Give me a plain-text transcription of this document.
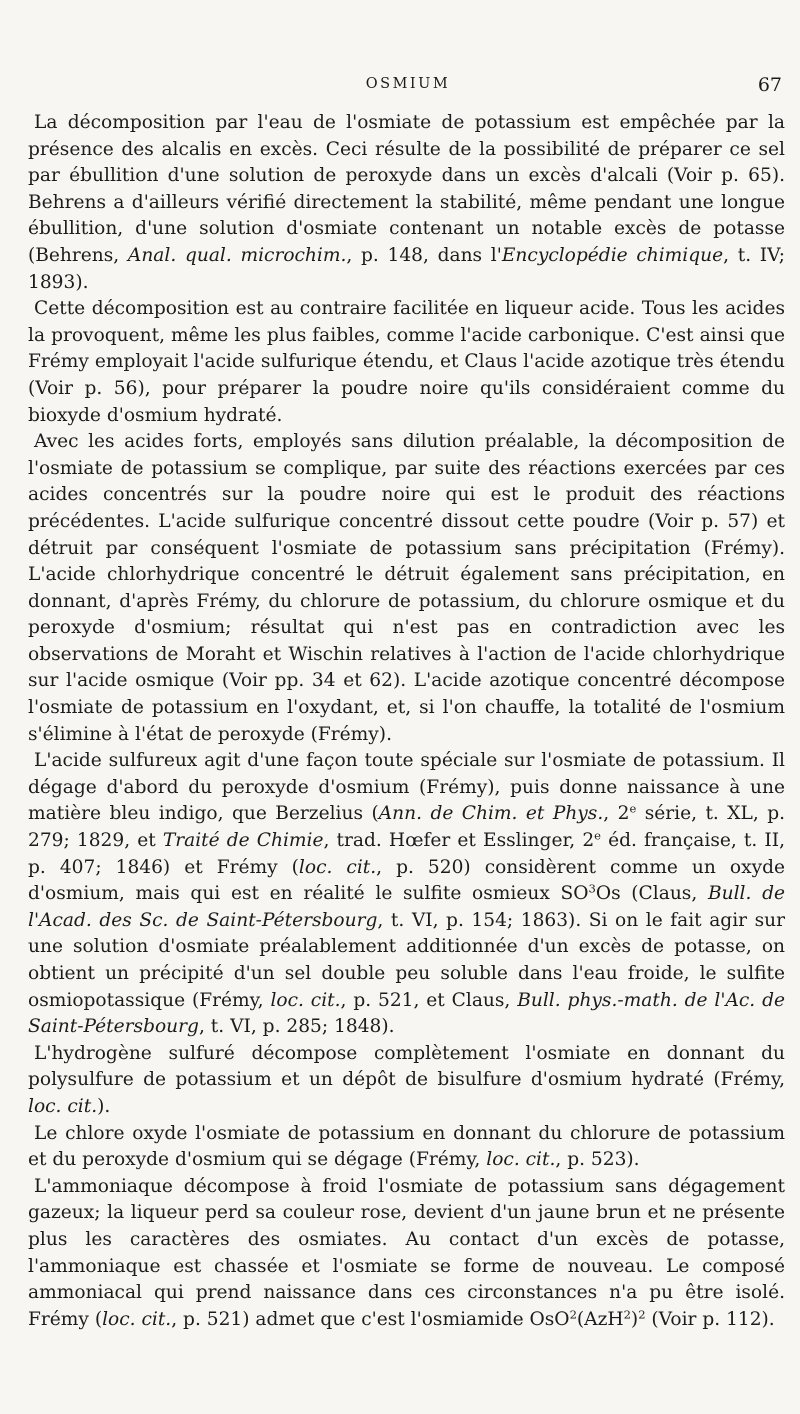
OSMIUM	67

La décomposition par l'eau de l'osmiate de potassium est empêchée par la présence des alcalis en excès. Ceci résulte de la possibilité de préparer ce sel par ébullition d'une solution de peroxyde dans un excès d'alcali (Voir p. 65). Behrens a d'ailleurs vérifié directement la stabilité, même pendant une longue ébullition, d'une solution d'osmiate contenant un notable excès de potasse (Behrens, Anal. qual. microchim., p. 148, dans l'Encyclopédie chimique, t. IV; 1893).

Cette décomposition est au contraire facilitée en liqueur acide. Tous les acides la provoquent, même les plus faibles, comme l'acide carbonique. C'est ainsi que Frémy employait l'acide sulfurique étendu, et Claus l'acide azotique très étendu (Voir p. 56), pour préparer la poudre noire qu'ils considéraient comme du bioxyde d'osmium hydraté.

Avec les acides forts, employés sans dilution préalable, la décomposition de l'osmiate de potassium se complique, par suite des réactions exercées par ces acides concentrés sur la poudre noire qui est le produit des réactions précédentes. L'acide sulfurique concentré dissout cette poudre (Voir p. 57) et détruit par conséquent l'osmiate de potassium sans précipitation (Frémy). L'acide chlorhydrique concentré le détruit également sans précipitation, en donnant, d'après Frémy, du chlorure de potassium, du chlorure osmique et du peroxyde d'osmium; résultat qui n'est pas en contradiction avec les observations de Moraht et Wischin relatives à l'action de l'acide chlorhydrique sur l'acide osmique (Voir pp. 34 et 62). L'acide azotique concentré décompose l'osmiate de potassium en l'oxydant, et, si l'on chauffe, la totalité de l'osmium s'élimine à l'état de peroxyde (Frémy).

L'acide sulfureux agit d'une façon toute spéciale sur l'osmiate de potassium. Il dégage d'abord du peroxyde d'osmium (Frémy), puis donne naissance à une matière bleu indigo, que Berzelius (Ann. de Chim. et Phys., 2e série, t. XL, p. 279; 1829, et Traité de Chimie, trad. Hœfer et Esslinger, 2e éd. française, t. II, p. 407; 1846) et Frémy (loc. cit., p. 520) considèrent comme un oxyde d'osmium, mais qui est en réalité le sulfite osmieux $SO^3Os$ (Claus, Bull. de l'Acad. des Sc. de Saint-Pétersbourg, t. VI, p. 154; 1863). Si on le fait agir sur une solution d'osmiate préalablement additionnée d'un excès de potasse, on obtient un précipité d'un sel double peu soluble dans l'eau froide, le sulfite osmiopotassique (Frémy, loc. cit., p. 521, et Claus, Bull. phys.-math. de l'Ac. de Saint-Pétersbourg, t. VI, p. 285; 1848).

L'hydrogène sulfuré décompose complètement l'osmiate en donnant du polysulfure de potassium et un dépôt de bisulfure d'osmium hydraté (Frémy, loc. cit.).

Le chlore oxyde l'osmiate de potassium en donnant du chlorure de potassium et du peroxyde d'osmium qui se dégage (Frémy, loc. cit., p. 523).

L'ammoniaque décompose à froid l'osmiate de potassium sans dégagement gazeux; la liqueur perd sa couleur rose, devient d'un jaune brun et ne présente plus les caractères des osmiates. Au contact d'un excès de potasse, l'ammoniaque est chassée et l'osmiate se forme de nouveau. Le composé ammoniacal qui prend naissance dans ces circonstances n'a pu être isolé. Frémy (loc. cit., p. 521) admet que c'est l'osmiamide $OsO^2(AzH^2)^2$ (Voir p. 112).
